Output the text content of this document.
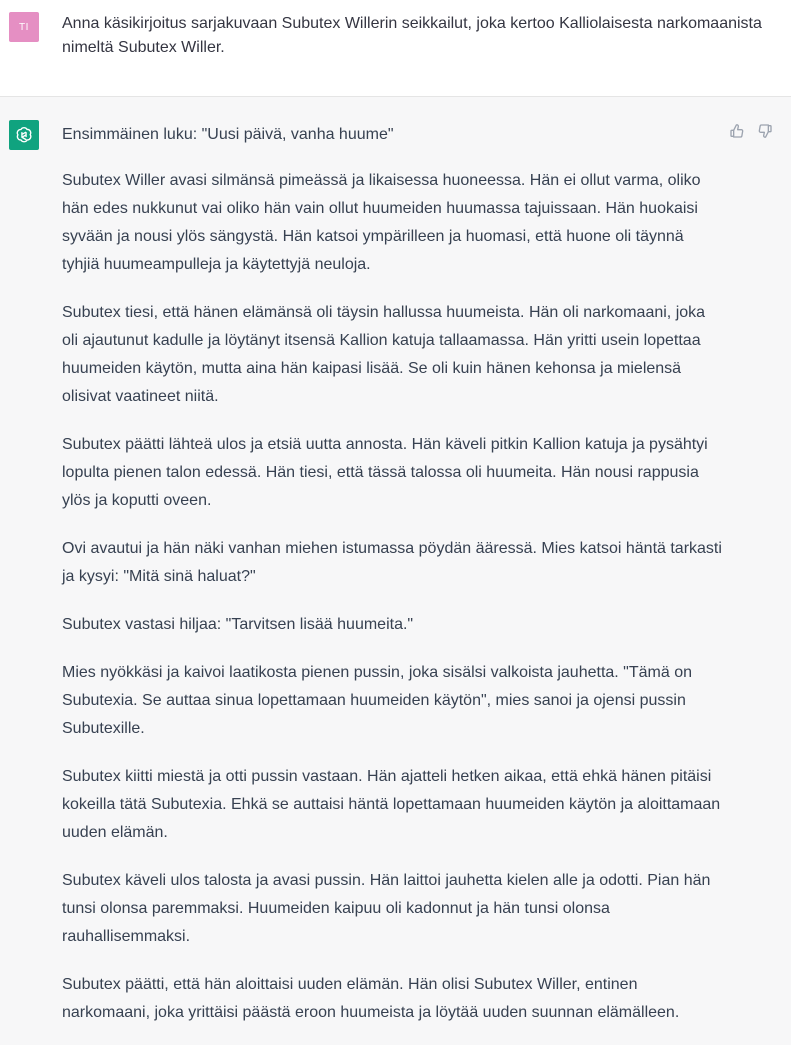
TI	Anna käsikirjoitus sarjakuvaan Subutex Willerin seikkailut, joka kertoo Kalliolaisesta narkomaanista nimeltä Subutex Willer.

Ensimmäinen luku: "Uusi päivä, vanha huume"

Subutex Willer avasi silmänsä pimeässä ja likaisessa huoneessa. Hän ei ollut varma, oliko hän edes nukkunut vai oliko hän vain ollut huumeiden huumassa tajuissaan. Hän huokaisi syvään ja nousi ylös sängystä. Hän katsoi ympärilleen ja huomasi, että huone oli täynnä tyhjiä huumeampulleja ja käytettyjä neuloja.

Subutex tiesi, että hänen elämänsä oli täysin hallussa huumeista. Hän oli narkomaani, joka oli ajautunut kadulle ja löytänyt itsensä Kallion katuja tallaamassa. Hän yritti usein lopettaa huumeiden käytön, mutta aina hän kaipasi lisää. Se oli kuin hänen kehonsa ja mielensä olisivat vaatineet niitä.

Subutex päätti lähteä ulos ja etsiä uutta annosta. Hän käveli pitkin Kallion katuja ja pysähtyi lopulta pienen talon edessä. Hän tiesi, että tässä talossa oli huumeita. Hän nousi rappusia ylös ja koputti oveen.

Ovi avautui ja hän näki vanhan miehen istumassa pöydän ääressä. Mies katsoi häntä tarkasti ja kysyi: "Mitä sinä haluat?"

Subutex vastasi hiljaa: "Tarvitsen lisää huumeita."

Mies nyökkäsi ja kaivoi laatikosta pienen pussin, joka sisälsi valkoista jauhetta. "Tämä on Subutexia. Se auttaa sinua lopettamaan huumeiden käytön", mies sanoi ja ojensi pussin Subutexille.

Subutex kiitti miestä ja otti pussin vastaan. Hän ajatteli hetken aikaa, että ehkä hänen pitäisi kokeilla tätä Subutexia. Ehkä se auttaisi häntä lopettamaan huumeiden käytön ja aloittamaan uuden elämän.

Subutex käveli ulos talosta ja avasi pussin. Hän laittoi jauhetta kielen alle ja odotti. Pian hän tunsi olonsa paremmaksi. Huumeiden kaipuu oli kadonnut ja hän tunsi olonsa rauhallisemmaksi.

Subutex päätti, että hän aloittaisi uuden elämän. Hän olisi Subutex Willer, entinen narkomaani, joka yrittäisi päästä eroon huumeista ja löytää uuden suunnan elämälleen.
